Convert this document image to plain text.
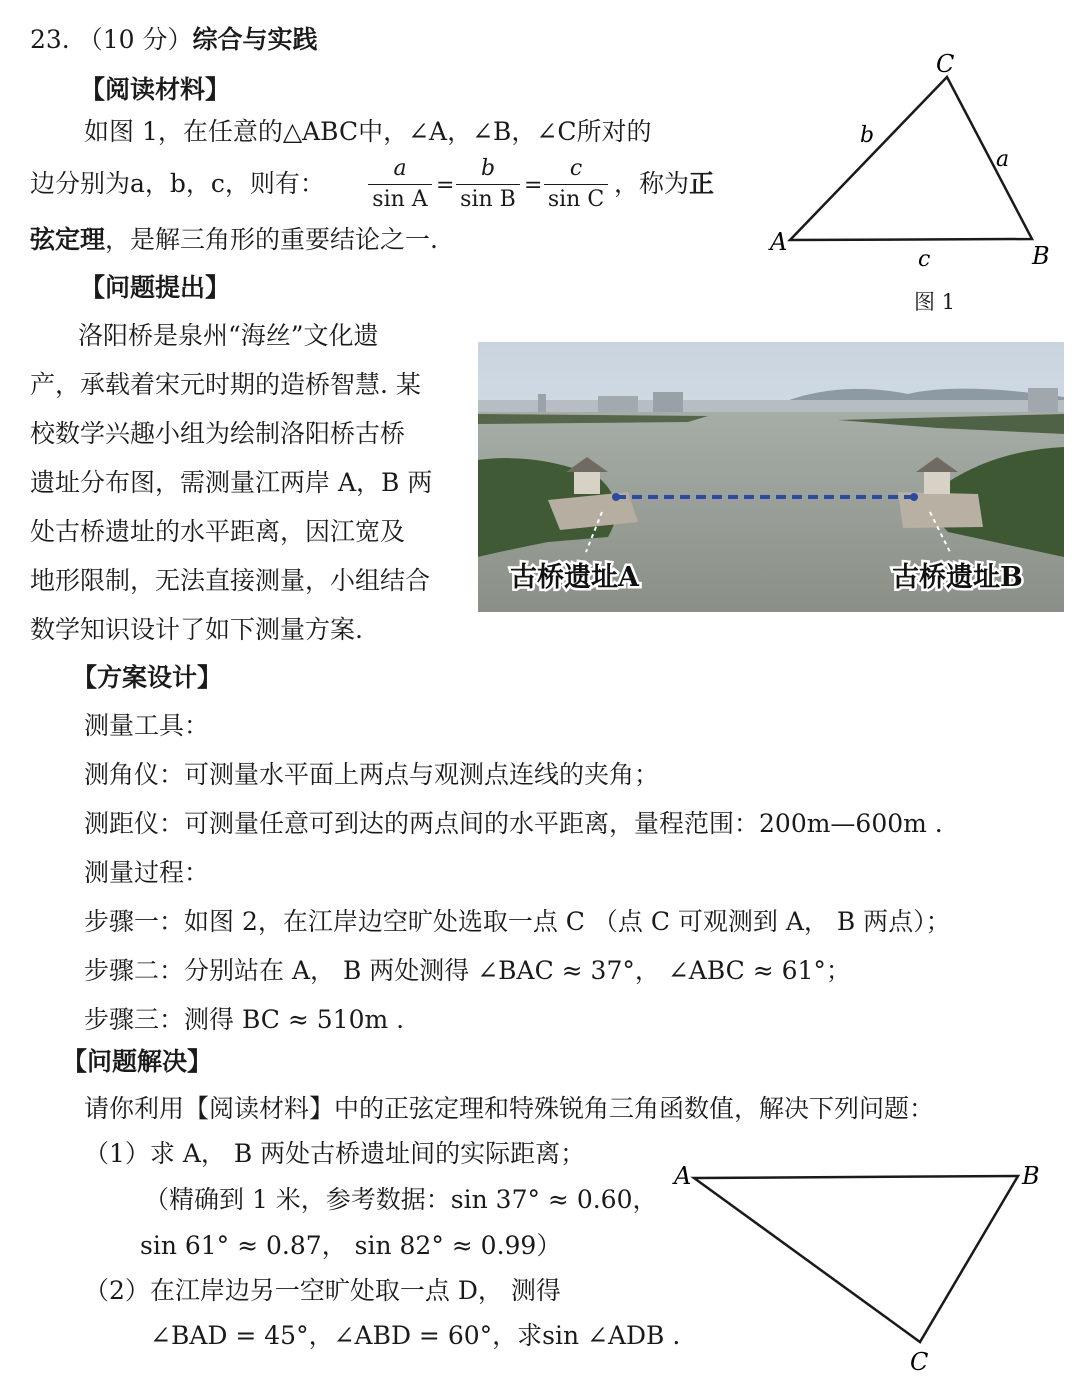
23. （10 分）综合与实践
【阅读材料】
如图 1，在任意的△ABC中，∠A，∠B，∠C所对的
边分别为a，b，c，则有：
a
sin A
=
b
sin B
=
c
sin C
，称为正
弦定理，是解三角形的重要结论之一.
C
A	B
b
a
c
图 1
【问题提出】
洛阳桥是泉州“海丝”文化遗
产，承载着宋元时期的造桥智慧. 某
校数学兴趣小组为绘制洛阳桥古桥
遗址分布图，需测量江两岸 A，B 两
处古桥遗址的水平距离，因江宽及
地形限制，无法直接测量，小组结合
数学知识设计了如下测量方案.
古桥遗址A	古桥遗址B
【方案设计】
测量工具：
测角仪：可测量水平面上两点与观测点连线的夹角；
测距仪：可测量任意可到达的两点间的水平距离，量程范围：200m—600m .
测量过程：
步骤一：如图 2，在江岸边空旷处选取一点 C （点 C 可观测到 A， B 两点）；
步骤二：分别站在 A， B 两处测得 ∠BAC ≈ 37°， ∠ABC ≈ 61°；
步骤三：测得 BC ≈ 510m .
【问题解决】
请你利用【阅读材料】中的正弦定理和特殊锐角三角函数值，解决下列问题：
（1）求 A， B 两处古桥遗址间的实际距离；
（精确到 1 米，参考数据：sin 37° ≈ 0.60，
sin 61° ≈ 0.87， sin 82° ≈ 0.99）
（2）在江岸边另一空旷处取一点 D， 测得
∠BAD = 45°，∠ABD = 60°，求sin ∠ADB .
A	B
C
